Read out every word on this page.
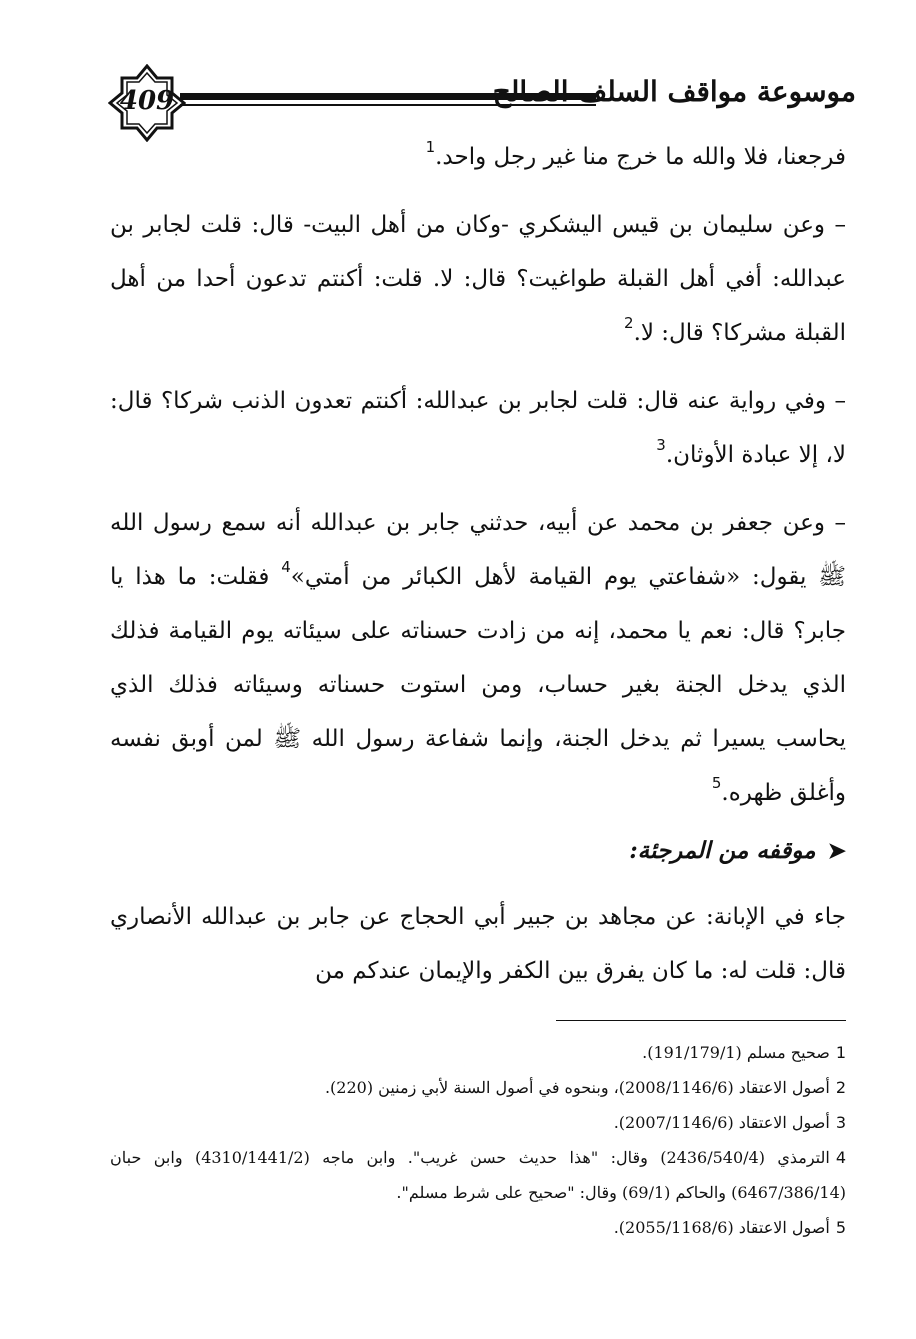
409	موسوعة مواقف السلف الصالح

فرجعنا، فلا والله ما خرج منا غير رجل واحد.$^1$

– وعن سليمان بن قيس اليشكري -وكان من أهل البيت- قال: قلت لجابر بن عبدالله: أفي أهل القبلة طواغيت؟ قال: لا. قلت: أكنتم تدعون أحدا من أهل القبلة مشركا؟ قال: لا.$^2$

– وفي رواية عنه قال: قلت لجابر بن عبدالله: أكنتم تعدون الذنب شركا؟ قال: لا، إلا عبادة الأوثان.$^3$

– وعن جعفر بن محمد عن أبيه، حدثني جابر بن عبدالله أنه سمع رسول الله ﷺ يقول: «شفاعتي يوم القيامة لأهل الكبائر من أمتي»$^4$ فقلت: ما هذا يا جابر؟ قال: نعم يا محمد، إنه من زادت حسناته على سيئاته يوم القيامة فذلك الذي يدخل الجنة بغير حساب، ومن استوت حسناته وسيئاته فذلك الذي يحاسب يسيرا ثم يدخل الجنة، وإنما شفاعة رسول الله ﷺ لمن أوبق نفسه وأغلق ظهره.$^5$

➤
موقفه من المرجئة:

جاء في الإبانة: عن مجاهد بن جبير أبي الحجاج عن جابر بن عبدالله الأنصاري قال: قلت له: ما كان يفرق بين الكفر والإيمان عندكم من

1صحيح مسلم (191/179/1).
2أصول الاعتقاد (2008/1146/6)، وبنحوه في أصول السنة لأبي زمنين (220).
3أصول الاعتقاد (2007/1146/6).
4الترمذي (2436/540/4) وقال: "هذا حديث حسن غريب". وابن ماجه (4310/1441/2) وابن حبان (6467/386/14) والحاكم (69/1) وقال: "صحيح على شرط مسلم".
5أصول الاعتقاد (2055/1168/6).
